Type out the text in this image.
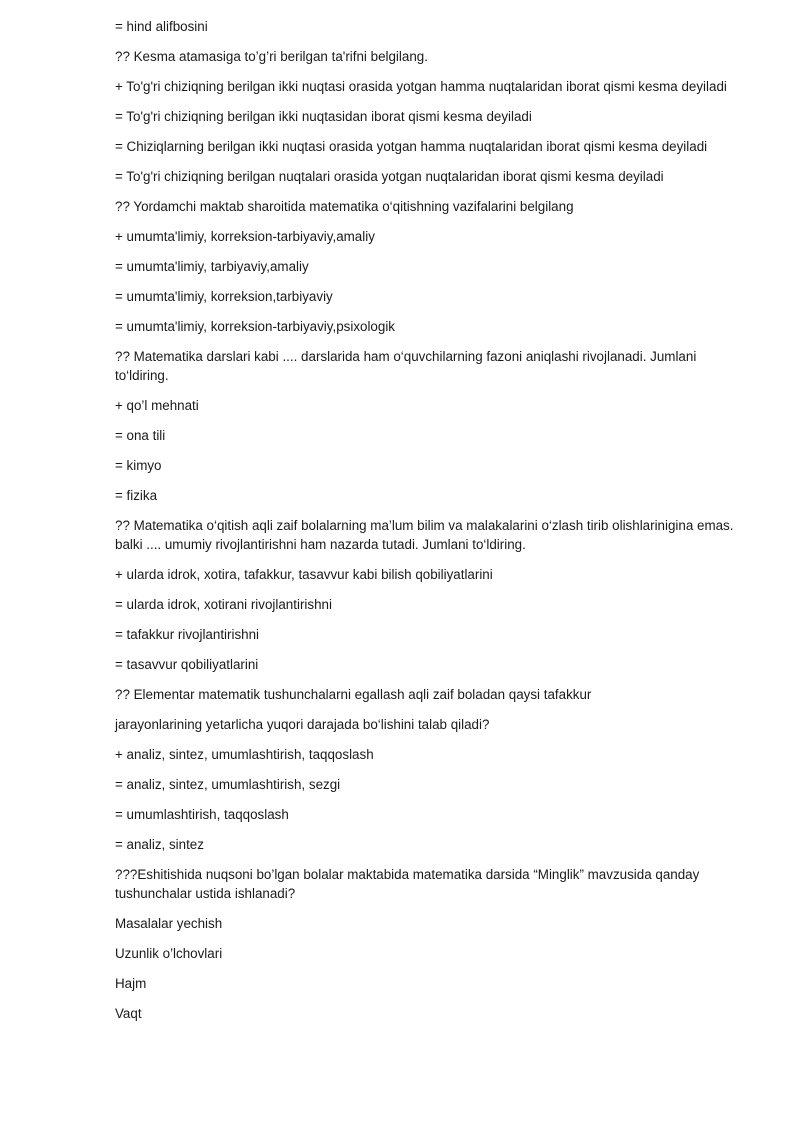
= hind alifbosini

?? Kesma atamasiga to’g’ri berilgan ta'rifni belgilang.

+ To'g'ri chiziqning berilgan ikki nuqtasi orasida yotgan hamma nuqtalaridan iborat qismi kesma deyiladi

= To'g'ri chiziqning berilgan ikki nuqtasidan iborat qismi kesma deyiladi

= Chiziqlarning berilgan ikki nuqtasi orasida yotgan hamma nuqtalaridan iborat qismi kesma deyiladi

= To'g'ri chiziqning berilgan nuqtalari orasida yotgan nuqtalaridan iborat qismi kesma deyiladi

?? Yordamchi maktab sharoitida matematika o‘qitishning vazifalarini belgilang

+ umumta'limiy, korreksion-tarbiyaviy,amaliy

= umumta'limiy, tarbiyaviy,amaliy

= umumta'limiy, korreksion,tarbiyaviy

= umumta'limiy, korreksion-tarbiyaviy,psixologik

?? Matematika darslari kabi .... darslarida ham o‘quvchilarning fazoni aniqlashi rivojlanadi. Jumlani to‘ldiring.

+ qo’l mehnati

= ona tili

= kimyo

= fizika

?? Matematika o‘qitish aqli zaif bolalarning ma’lum bilim va malakalarini o‘zlash tirib olishlarinigina emas. balki .... umumiy rivojlantirishni ham nazarda tutadi. Jumlani to‘ldiring.

+ ularda idrok, xotira, tafakkur, tasavvur kabi bilish qobiliyatlarini

= ularda idrok, xotirani rivojlantirishni

= tafakkur rivojlantirishni

= tasavvur qobiliyatlarini

?? Elementar matematik tushunchalarni egallash aqli zaif boladan qaysi tafakkur

jarayonlarining yetarlicha yuqori darajada bo‘lishini talab qiladi?

+ analiz, sintez, umumlashtirish, taqqoslash

= analiz, sintez, umumlashtirish, sezgi

= umumlashtirish, taqqoslash

= analiz, sintez

???Eshitishida nuqsoni bo’lgan bolalar maktabida matematika darsida “Minglik” mavzusida qanday tushunchalar ustida ishlanadi?

Masalalar yechish

Uzunlik o’lchovlari

Hajm

Vaqt
